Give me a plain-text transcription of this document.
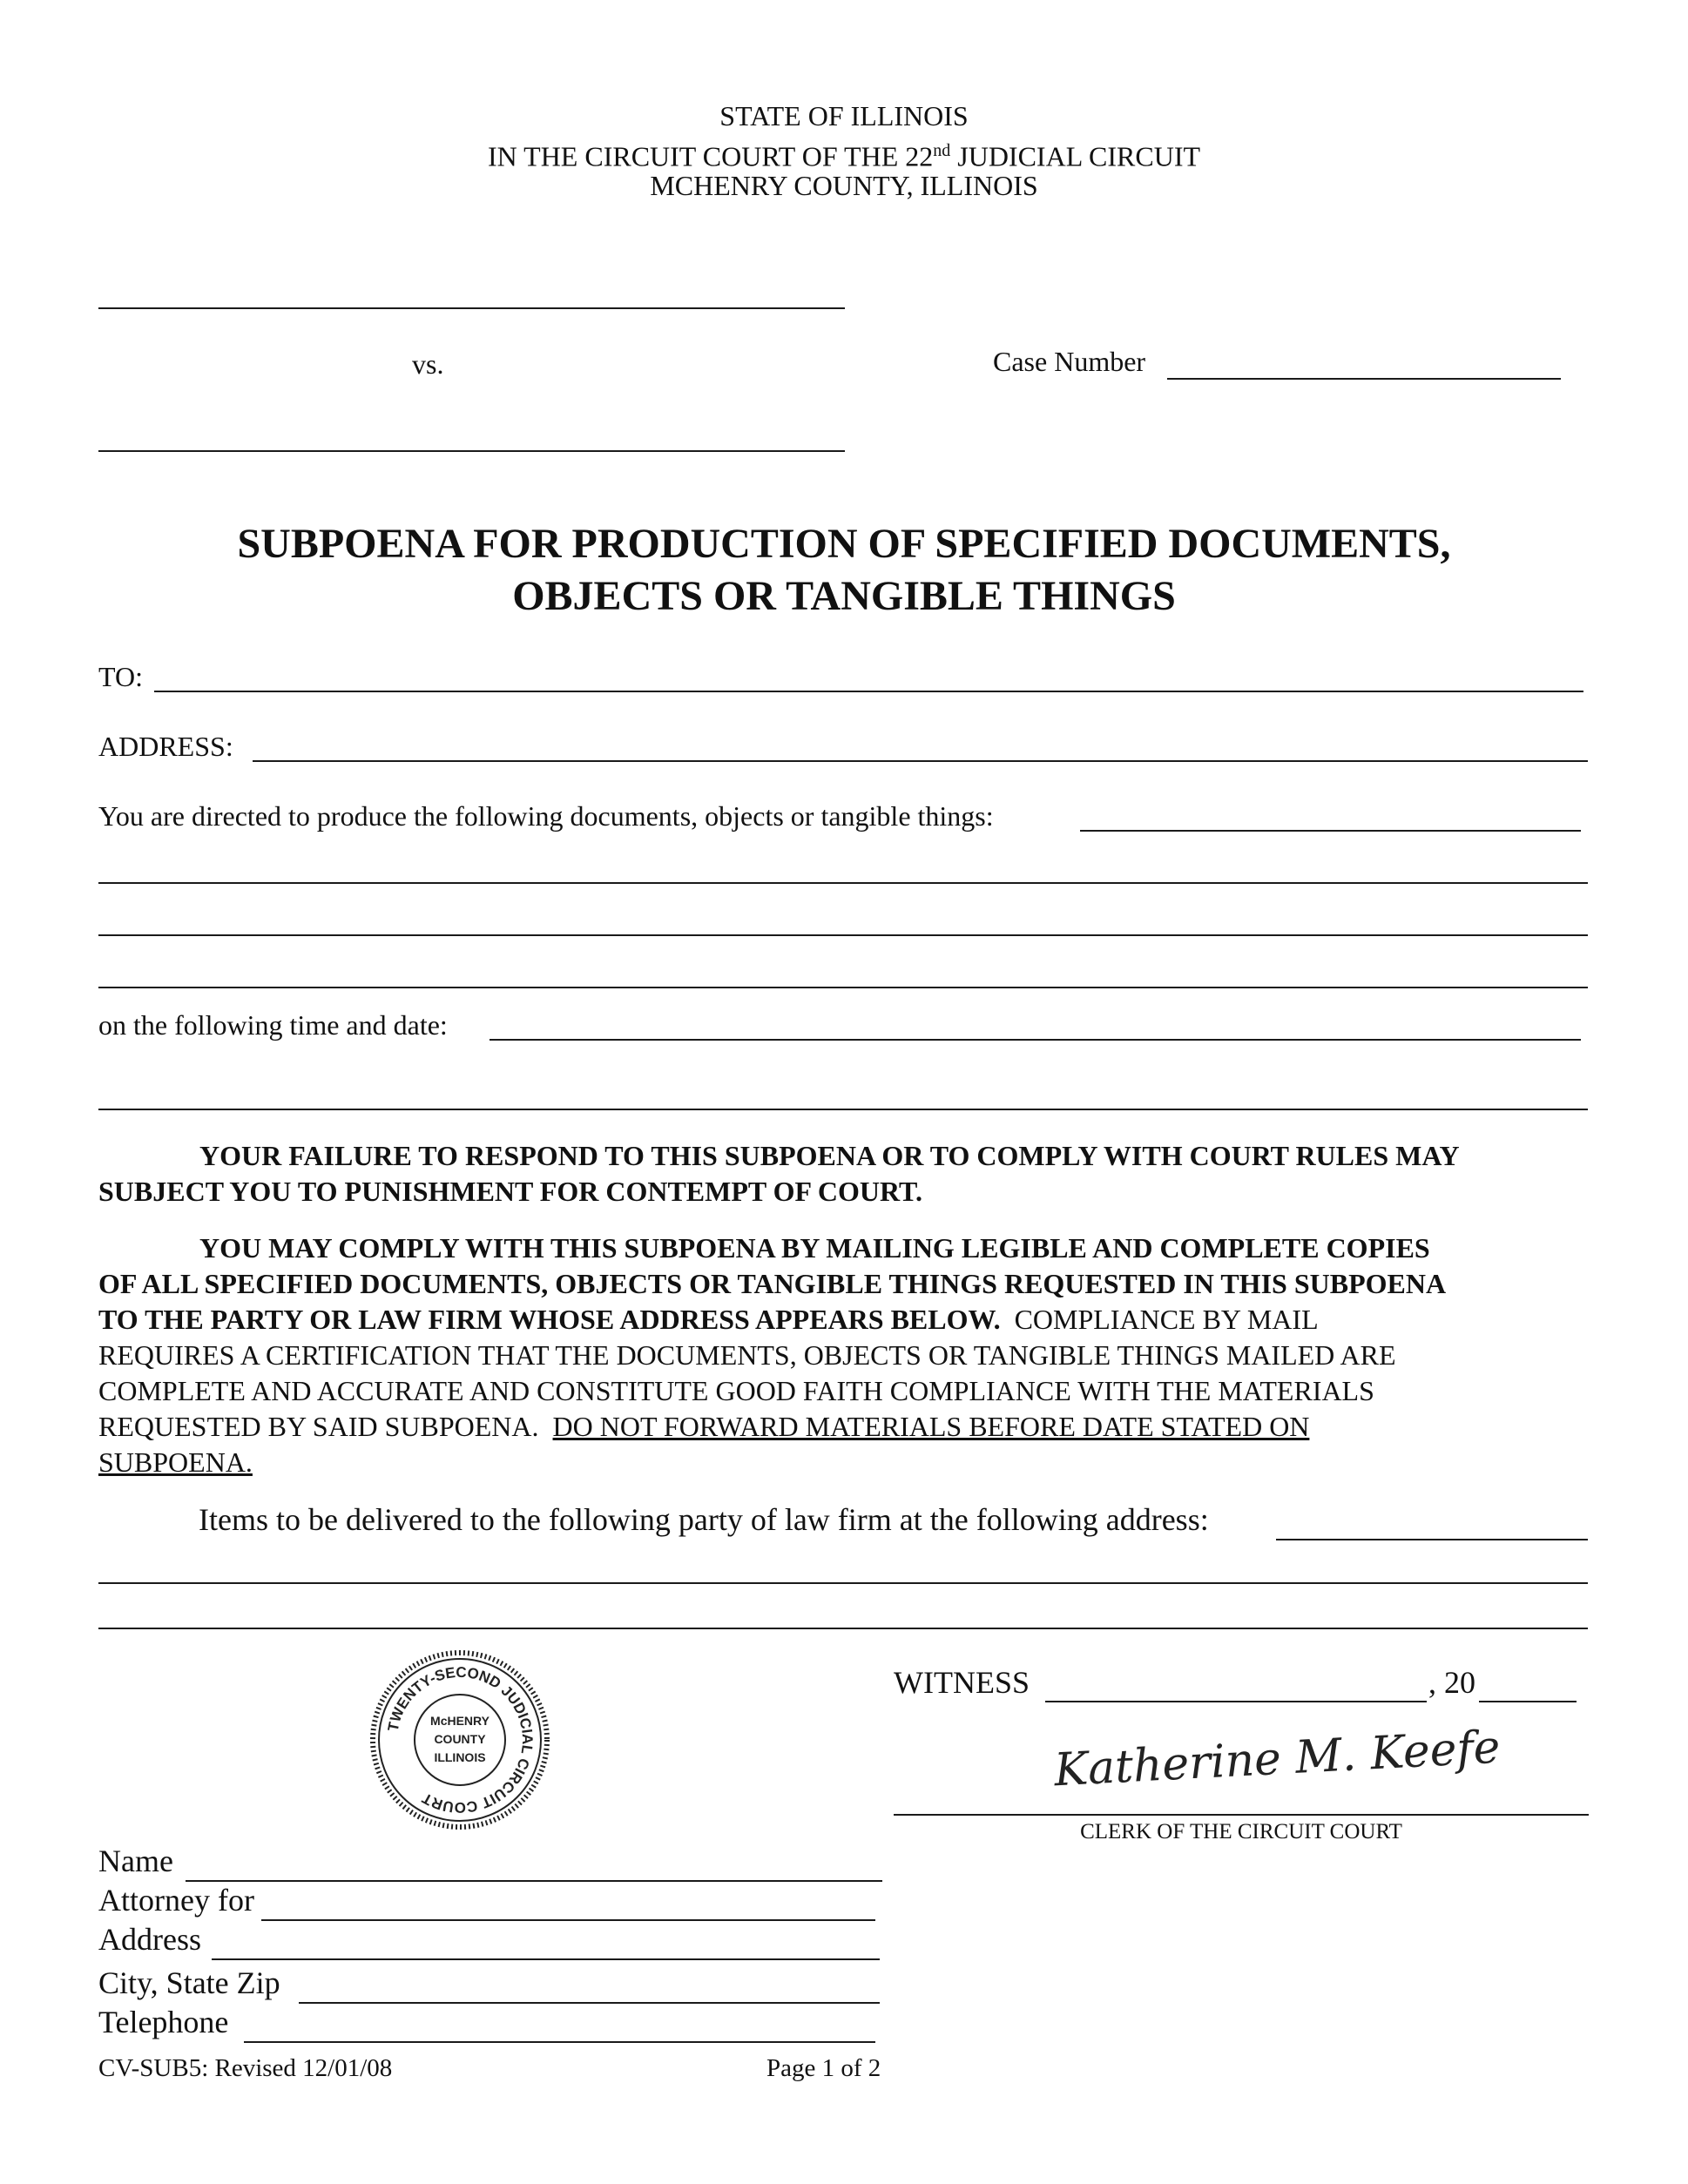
STATE OF ILLINOIS
IN THE CIRCUIT COURT OF THE 22nd JUDICIAL CIRCUIT
MCHENRY COUNTY, ILLINOIS
vs.	Case Number
SUBPOENA FOR PRODUCTION OF SPECIFIED DOCUMENTS,
OBJECTS OR TANGIBLE THINGS
TO:
ADDRESS:
You are directed to produce the following documents, objects or tangible things:
on the following time and date:
YOUR FAILURE TO RESPOND TO THIS SUBPOENA OR TO COMPLY WITH COURT RULES MAY
SUBJECT YOU TO PUNISHMENT FOR CONTEMPT OF COURT.
YOU MAY COMPLY WITH THIS SUBPOENA BY MAILING LEGIBLE AND COMPLETE COPIES
OF ALL SPECIFIED DOCUMENTS, OBJECTS OR TANGIBLE THINGS REQUESTED IN THIS SUBPOENA
TO THE PARTY OR LAW FIRM WHOSE ADDRESS APPEARS BELOW. COMPLIANCE BY MAIL
REQUIRES A CERTIFICATION THAT THE DOCUMENTS, OBJECTS OR TANGIBLE THINGS MAILED ARE
COMPLETE AND ACCURATE AND CONSTITUTE GOOD FAITH COMPLIANCE WITH THE MATERIALS
REQUESTED BY SAID SUBPOENA. DO NOT FORWARD MATERIALS BEFORE DATE STATED ON
SUBPOENA.
Items to be delivered to the following party of law firm at the following address:
TWENTY-SECOND JUDICIAL CIRCUIT COURT
McHENRY
COUNTY
ILLINOIS
WITNESS	, 20
Katherine M. Keefe
CLERK OF THE CIRCUIT COURT
Name
Attorney for
Address
City, State Zip
Telephone
CV-SUB5: Revised 12/01/08	Page 1 of 2
